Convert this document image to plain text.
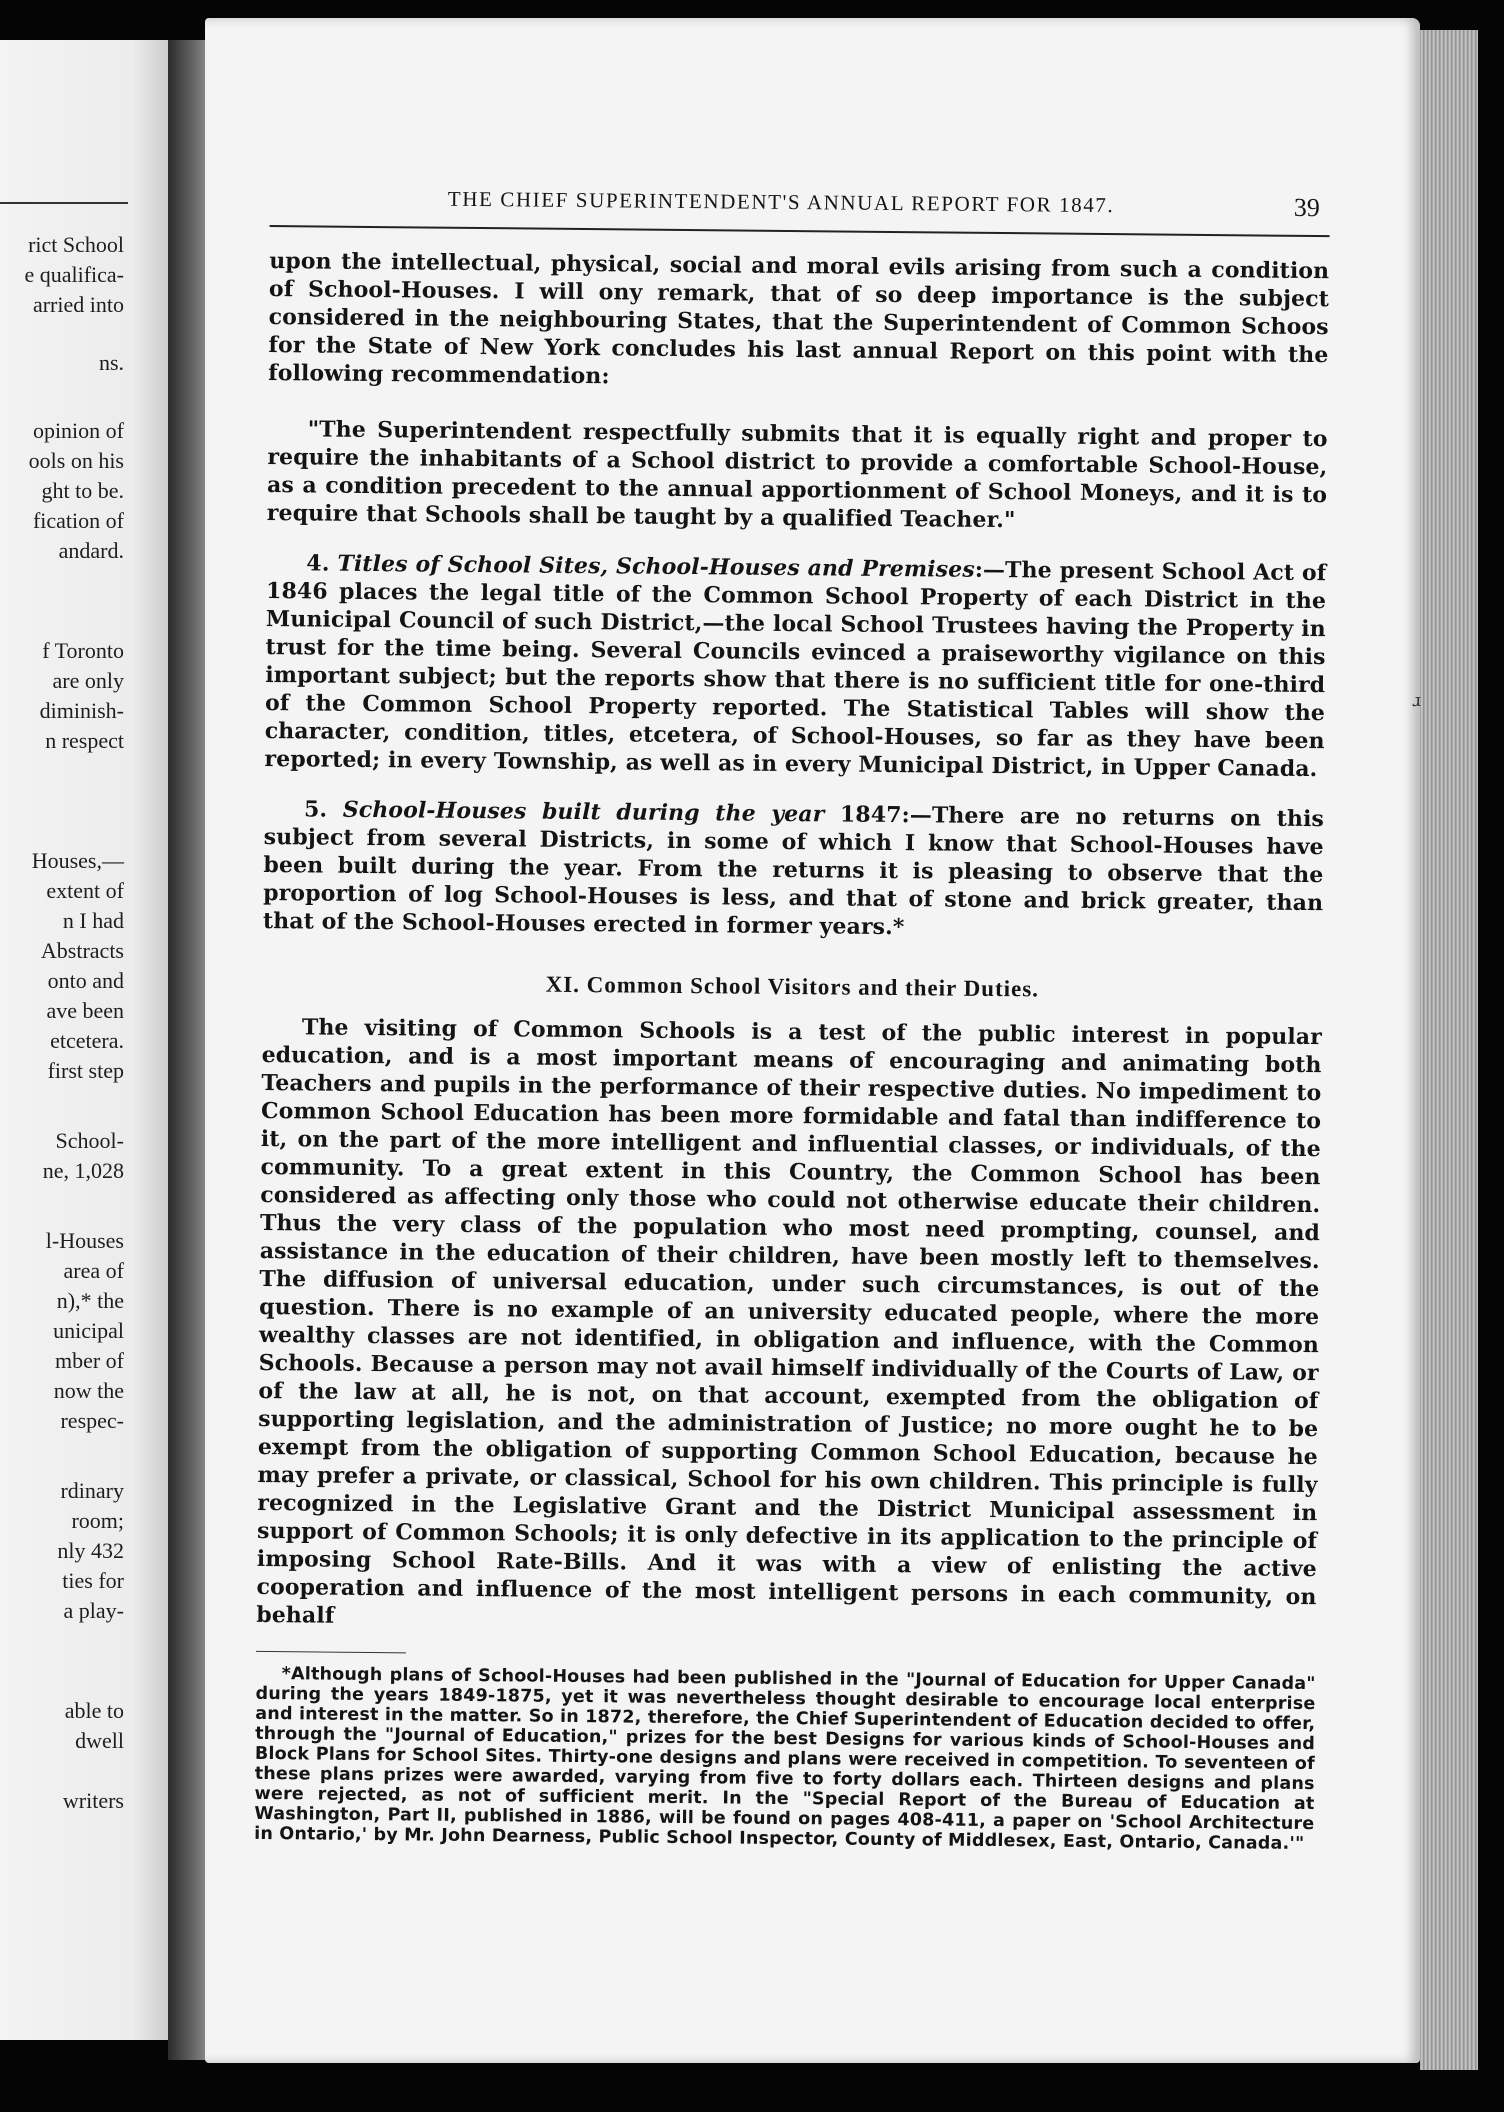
rict School
e qualifica-
arried into
ns.
opinion of
ools on his
ght to be.
fication of
andard.
f Toronto
are only
diminish-
n respect
Houses,—
extent of
n I had
Abstracts
onto and
ave been
etcetera.
first step
School-
ne, 1,028
l-Houses
area of
n),* the
unicipal
mber of
now the
respec-
rdinary
room;
nly 432
ties for
a play-
able to
dwell
writers
ɹ
THE CHIEF SUPERINTENDENT'S ANNUAL REPORT FOR 1847.	39

upon the intellectual, physical, social and moral evils arising from such a condition of School-Houses. I will ony remark, that of so deep importance is the subject considered in the neighbouring States, that the Superintendent of Common Schoos for the State of New York concludes his last annual Report on this point with the following recommendation:

"The Superintendent respectfully submits that it is equally right and proper to require the inhabitants of a School district to provide a comfortable School-House, as a condition precedent to the annual apportionment of School Moneys, and it is to require that Schools shall be taught by a qualified Teacher."

4. Titles of School Sites, School-Houses and Premises:—The present School Act of 1846 places the legal title of the Common School Property of each District in the Municipal Council of such District,—the local School Trustees having the Property in trust for the time being. Several Councils evinced a praiseworthy vigilance on this important subject; but the reports show that there is no sufficient title for one-third of the Common School Property reported. The Statistical Tables will show the character, condition, titles, etcetera, of School-Houses, so far as they have been reported; in every Township, as well as in every Municipal District, in Upper Canada.

5. School-Houses built during the year 1847:—There are no returns on this subject from several Districts, in some of which I know that School-Houses have been built during the year. From the returns it is pleasing to observe that the proportion of log School-Houses is less, and that of stone and brick greater, than that of the School-Houses erected in former years.*

XI. Common School Visitors and their Duties.

The visiting of Common Schools is a test of the public interest in popular education, and is a most important means of encouraging and animating both Teachers and pupils in the performance of their respective duties. No impediment to Common School Education has been more formidable and fatal than indifference to it, on the part of the more intelligent and influential classes, or individuals, of the community. To a great extent in this Country, the Common School has been considered as affecting only those who could not otherwise educate their children. Thus the very class of the population who most need prompting, counsel, and assistance in the education of their children, have been mostly left to themselves. The diffusion of universal education, under such circumstances, is out of the question. There is no example of an university educated people, where the more wealthy classes are not identified, in obligation and influence, with the Common Schools. Because a person may not avail himself individually of the Courts of Law, or of the law at all, he is not, on that account, exempted from the obligation of supporting legislation, and the administration of Justice; no more ought he to be exempt from the obligation of supporting Common School Education, because he may prefer a private, or classical, School for his own children. This principle is fully recognized in the Legislative Grant and the District Municipal assessment in support of Common Schools; it is only defective in its application to the principle of imposing School Rate-Bills. And it was with a view of enlisting the active cooperation and influence of the most intelligent persons in each community, on behalf

*Although plans of School-Houses had been published in the "Journal of Education for Upper Canada" during the years 1849-1875, yet it was nevertheless thought desirable to encourage local enterprise and interest in the matter. So in 1872, therefore, the Chief Superintendent of Education decided to offer, through the "Journal of Education," prizes for the best Designs for various kinds of School-Houses and Block Plans for School Sites. Thirty-one designs and plans were received in competition. To seventeen of these plans prizes were awarded, varying from five to forty dollars each. Thirteen designs and plans were rejected, as not of sufficient merit. In the "Special Report of the Bureau of Education at Washington, Part II, published in 1886, will be found on pages 408-411, a paper on 'School Architecture in Ontario,' by Mr. John Dearness, Public School Inspector, County of Middlesex, East, Ontario, Canada.'"
